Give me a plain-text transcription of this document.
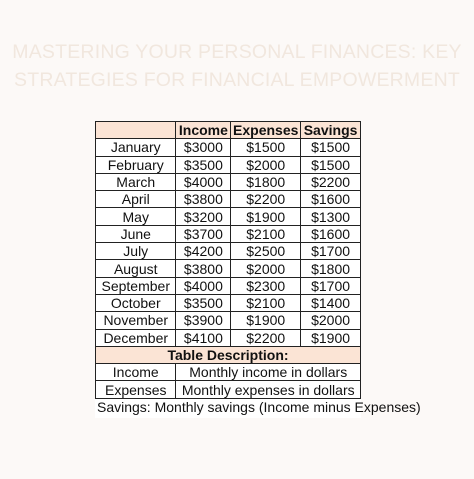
MASTERING YOUR PERSONAL FINANCES: KEY
STRATEGIES FOR FINANCIAL EMPOWERMENT
	Income	Expenses	Savings
January	$3000	$1500	$1500
February	$3500	$2000	$1500
March	$4000	$1800	$2200
April	$3800	$2200	$1600
May	$3200	$1900	$1300
June	$3700	$2100	$1600
July	$4200	$2500	$1700
August	$3800	$2000	$1800
September	$4000	$2300	$1700
October	$3500	$2100	$1400
November	$3900	$1900	$2000
December	$4100	$2200	$1900
Table Description:			
Income	Monthly income in dollars		
Expenses	Monthly expenses in dollars		
Savings: Monthly savings (Income minus Expenses)
